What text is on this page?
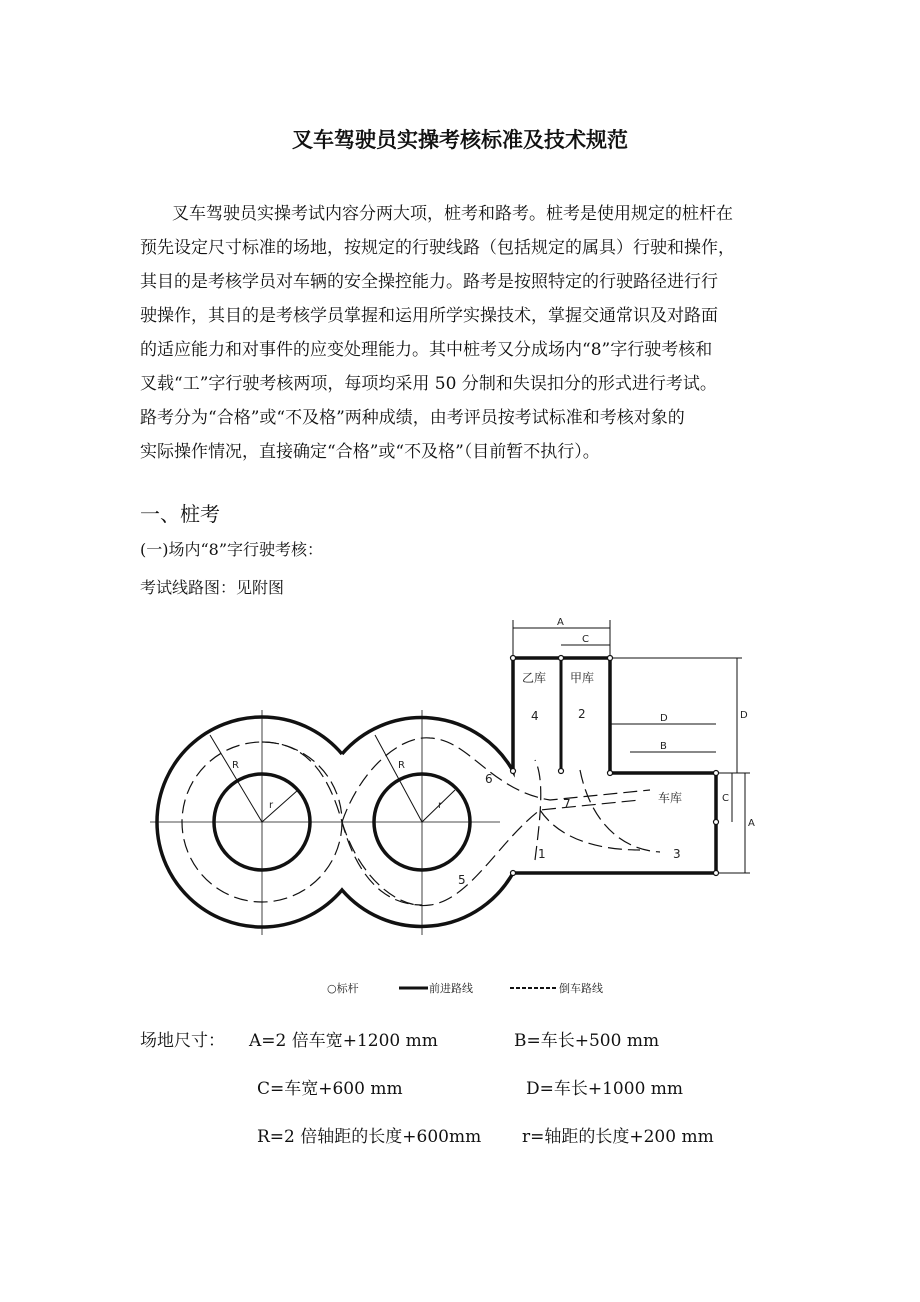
叉车驾驶员实操考核标准及技术规范
叉车驾驶员实操考试内容分两大项，桩考和路考。桩考是使用规定的桩杆在
预先设定尺寸标准的场地，按规定的行驶线路（包括规定的属具）行驶和操作，
其目的是考核学员对车辆的安全操控能力。路考是按照特定的行驶路径进行行
驶操作，其目的是考核学员掌握和运用所学实操技术，掌握交通常识及对路面
的适应能力和对事件的应变处理能力。其中桩考又分成场内“8”字行驶考核和
叉载“工”字行驶考核两项，每项均采用 50 分制和失误扣分的形式进行考试。
路考分为“合格”或“不及格”两种成绩，由考评员按考试标准和考核对象的
实际操作情况，直接确定“合格”或“不及格”（目前暂不执行）。
一、桩考
(一)场内“8”字行驶考核：
考试线路图：见附图
A
C
D	D
B
C
A
R
r
R
r
乙库 甲库
车库
1
2
3
4
5
6
7
○标杆	前进路线	倒车路线
场地尺寸： A=2 倍车宽+1200 mm	B=车长+500 mm
C=车宽+600 mm	D=车长+1000 mm
R=2 倍轴距的长度+600mm r=轴距的长度+200 mm
